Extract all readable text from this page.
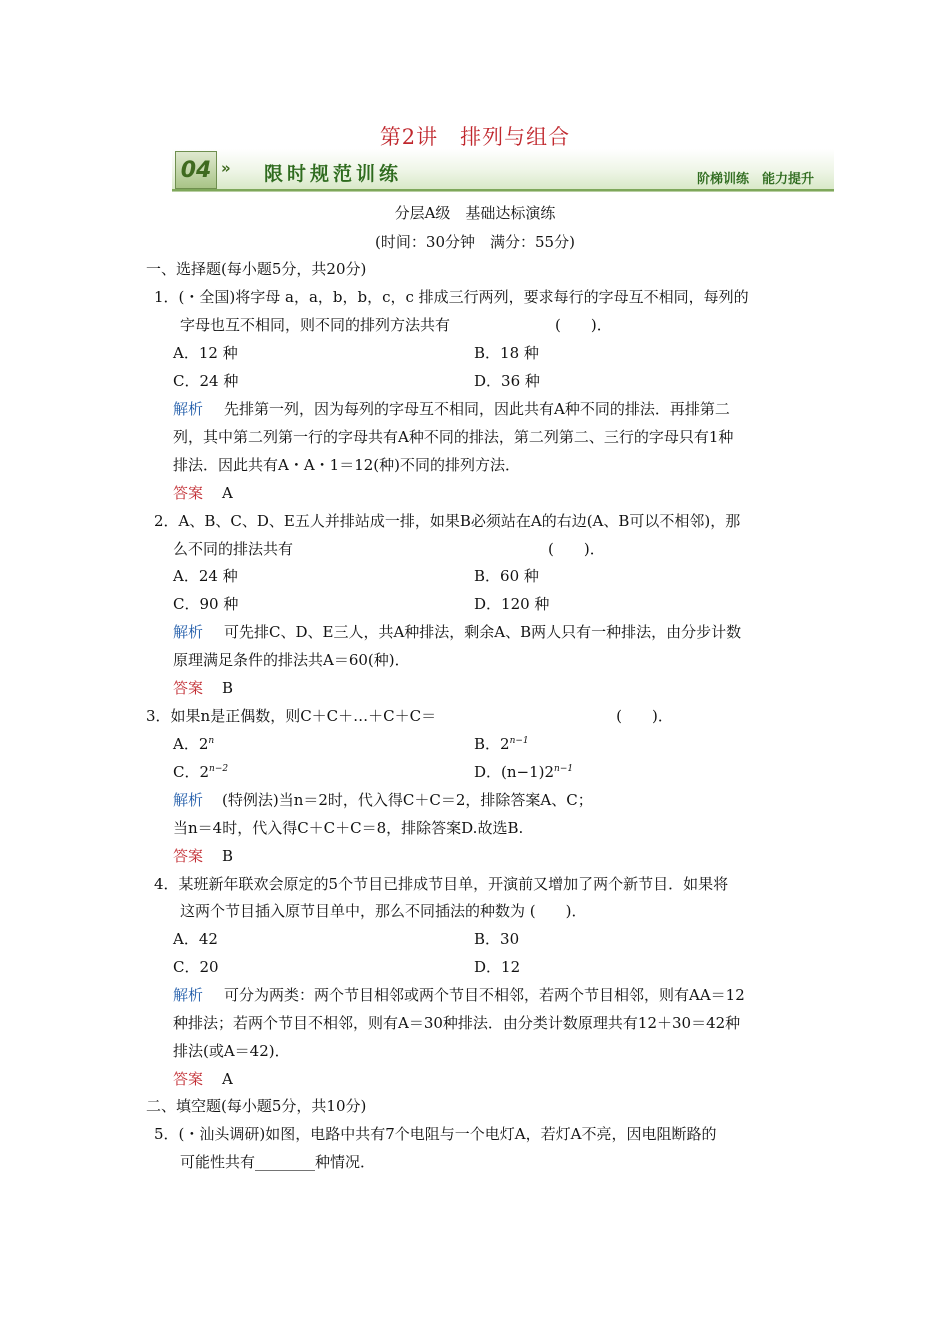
第2讲　排列与组合
04 » 限时规范训练	阶梯训练　能力提升
分层A级　基础达标演练
(时间：30分钟　满分：55分)
一、选择题(每小题5分，共20分)
1．(・全国)将字母 a，a，b，b，c，c 排成三行两列，要求每行的字母互不相同，每列的
字母也互不相同，则不同的排列方法共有　　　　　　　(　　)．
A．12 种	B．18 种
C．24 种	D．36 种
解析 先排第一列，因为每列的字母互不相同，因此共有A种不同的排法．再排第二
列，其中第二列第一行的字母共有A种不同的排法，第二列第二、三行的字母只有1种
排法．因此共有A・A・1＝12(种)不同的排列方法．
答案 A
2．A、B、C、D、E五人并排站成一排，如果B必须站在A的右边(A、B可以不相邻)，那
么不同的排法共有　　　　　　　　　　　　　　　　　(　　)．
A．24 种	B．60 种
C．90 种	D．120 种
解析 可先排C、D、E三人，共A种排法，剩余A、B两人只有一种排法，由分步计数
原理满足条件的排法共A＝60(种)．
答案 B
3．如果n是正偶数，则C＋C＋…＋C＋C＝　　　　　　　　　　　　(　　)．
A．2$^n$	B．$2^{n-1}$
C．$2^{n-2}$	D．$(n-1)2^{n-1}$
解析 (特例法)当n＝2时，代入得C＋C＝2，排除答案A、C；
当n＝4时，代入得C＋C＋C＝8，排除答案D.故选B.
答案 B
4．某班新年联欢会原定的5个节目已排成节目单，开演前又增加了两个新节目．如果将
这两个节目插入原节目单中，那么不同插法的种数为 (　　)．
A．42	B．30
C．20	D．12
解析 可分为两类：两个节目相邻或两个节目不相邻，若两个节目相邻，则有AA＝12
种排法；若两个节目不相邻，则有A＝30种排法．由分类计数原理共有12＋30＝42种
排法(或A＝42)．
答案 A
二、填空题(每小题5分，共10分)
5．(・汕头调研)如图，电路中共有7个电阻与一个电灯A，若灯A不亮，因电阻断路的
可能性共有________种情况．
